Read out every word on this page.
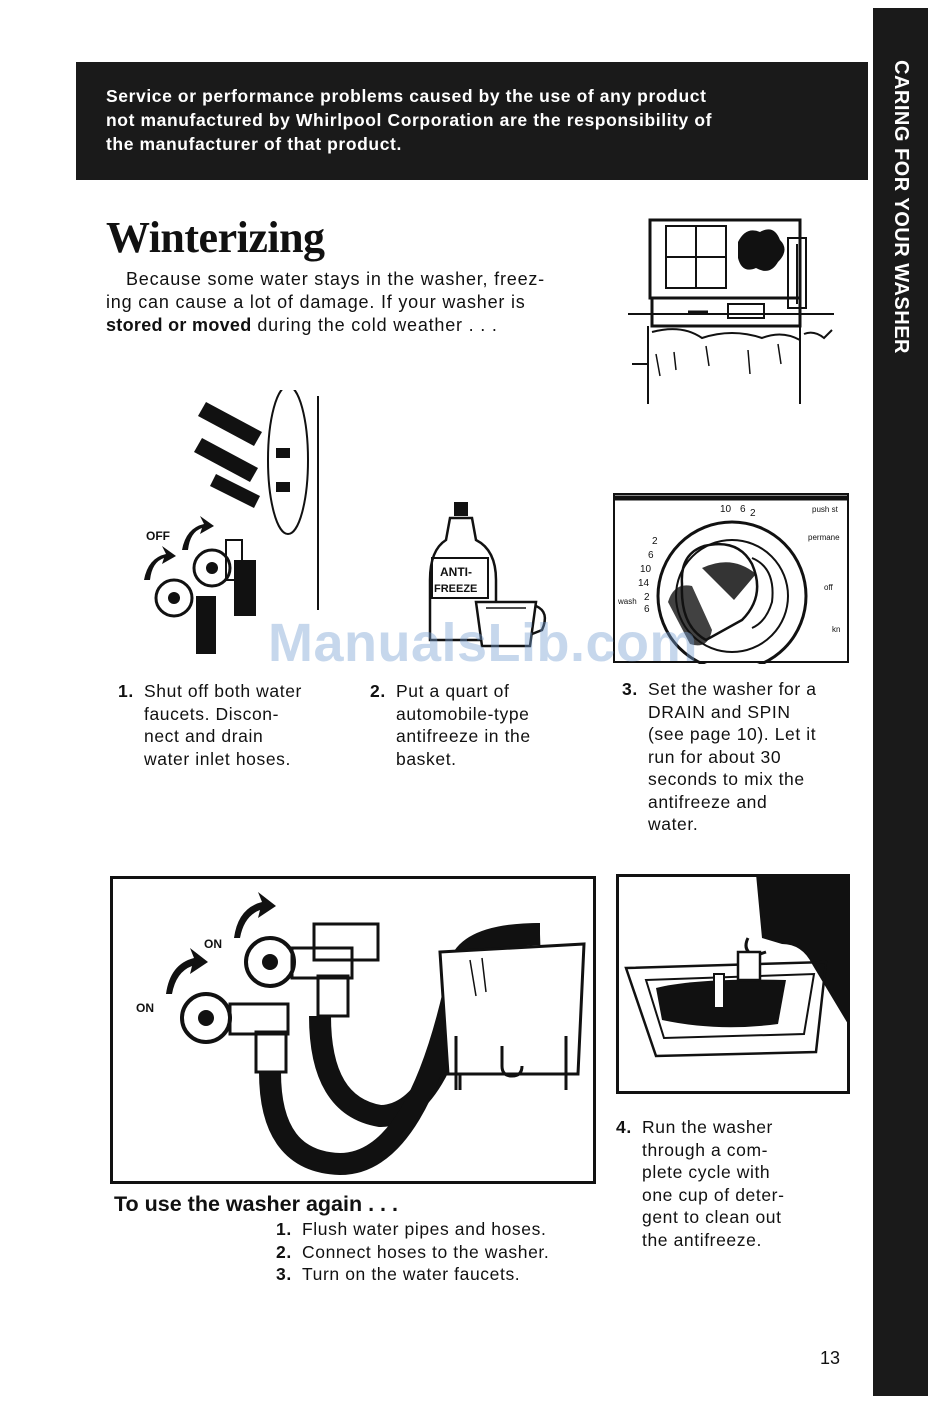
CARING FOR YOUR WASHER
Service or performance problems caused by the use of any product
not manufactured by Whirlpool Corporation are the responsibility of
the manufacturer of that product.
Winterizing
Because some water stays in the washer, freez-
ing can cause a lot of damage. If your washer is
stored or moved during the cold weather . . .
OFF
ANTI-
FREEZE
10 6 2
2
6
10
14
2
6
push st
permane
off
kn
wash
ManualsLib.com
1. Shut off both water
faucets. Discon-
nect and drain
water inlet hoses.
2. Put a quart of
automobile-type
antifreeze in the
basket.
3. Set the washer for a
DRAIN and SPIN
(see page 10). Let it
run for about 30
seconds to mix the
antifreeze and
water.
ON
ON
4. Run the washer
through a com-
plete cycle with
one cup of deter-
gent to clean out
the antifreeze.
To use the washer again . . .
1. Flush water pipes and hoses.
2. Connect hoses to the washer.
3. Turn on the water faucets.
13
